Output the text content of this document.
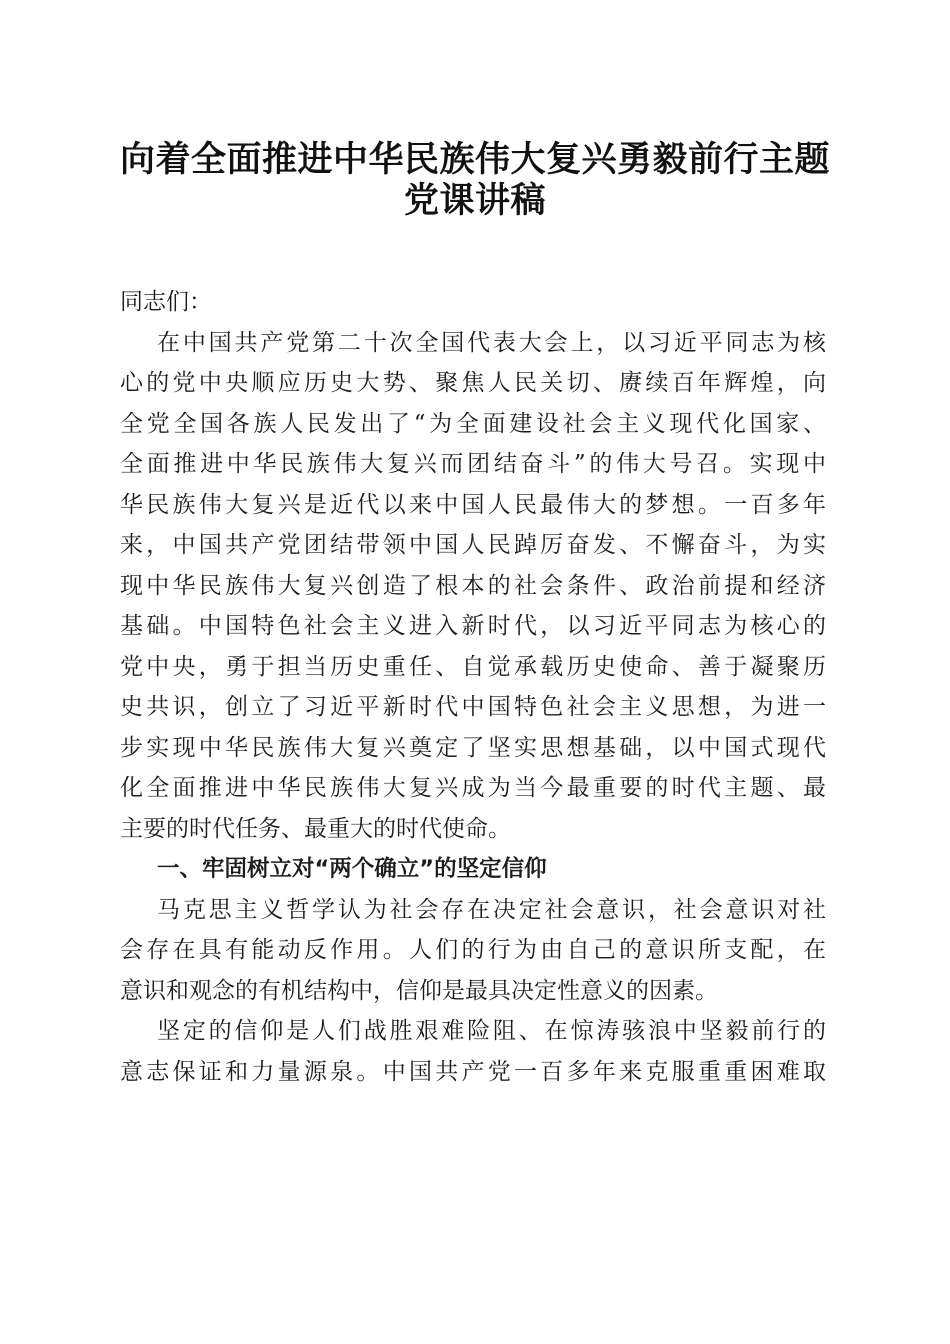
向着全面推进中华民族伟大复兴勇毅前行主题
党课讲稿
同志们：
在中国共产党第二十次全国代表大会上，以习近平同志为核
心的党中央顺应历史大势、聚焦人民关切、赓续百年辉煌，向
全党全国各族人民发出了“为全面建设社会主义现代化国家、
全面推进中华民族伟大复兴而团结奋斗”的伟大号召。实现中
华民族伟大复兴是近代以来中国人民最伟大的梦想。一百多年
来，中国共产党团结带领中国人民踔厉奋发、不懈奋斗，为实
现中华民族伟大复兴创造了根本的社会条件、政治前提和经济
基础。中国特色社会主义进入新时代，以习近平同志为核心的
党中央，勇于担当历史重任、自觉承载历史使命、善于凝聚历
史共识，创立了习近平新时代中国特色社会主义思想，为进一
步实现中华民族伟大复兴奠定了坚实思想基础，以中国式现代
化全面推进中华民族伟大复兴成为当今最重要的时代主题、最
主要的时代任务、最重大的时代使命。
一、牢固树立对“两个确立”的坚定信仰
马克思主义哲学认为社会存在决定社会意识，社会意识对社
会存在具有能动反作用。人们的行为由自己的意识所支配，在
意识和观念的有机结构中，信仰是最具决定性意义的因素。
坚定的信仰是人们战胜艰难险阻、在惊涛骇浪中坚毅前行的
意志保证和力量源泉。中国共产党一百多年来克服重重困难取
